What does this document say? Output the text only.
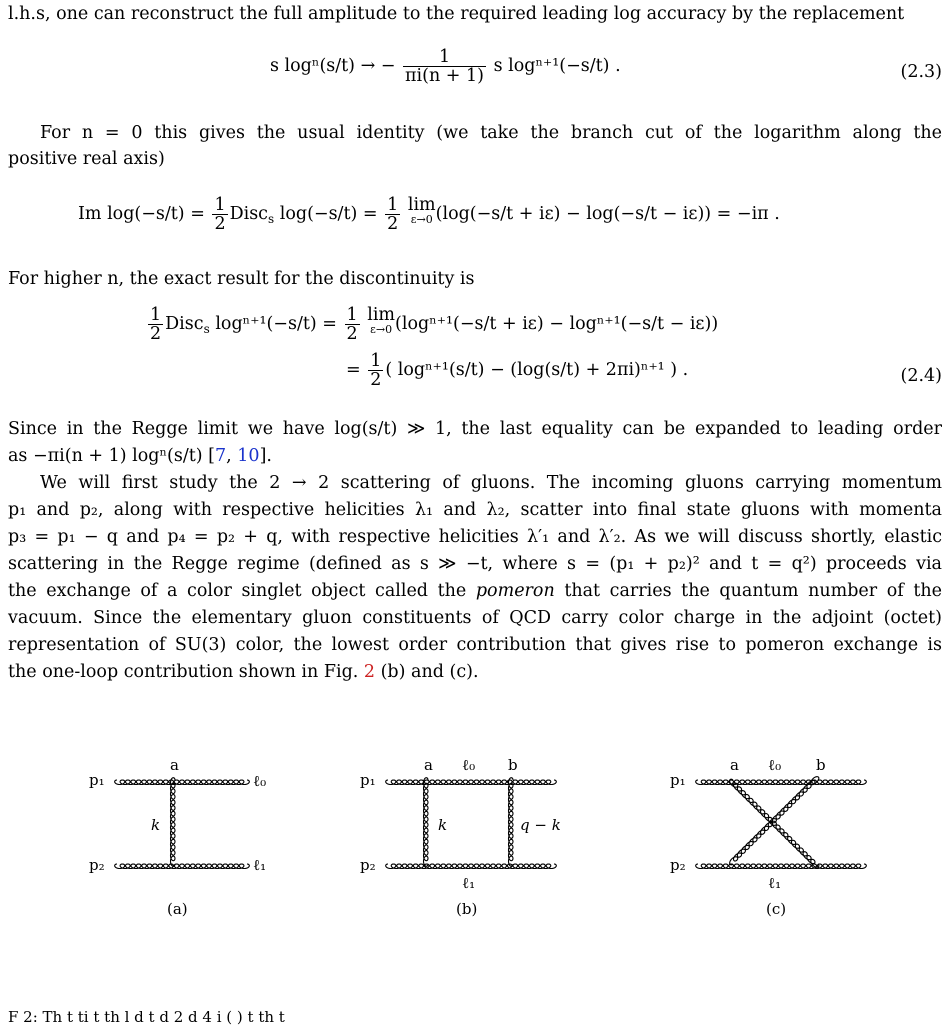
l.h.s, one can reconstruct the full amplitude to the required leading log accuracy by the replacement
s logⁿ(s/t) → − $\frac{1}{\pi i(n + 1)}$ s logⁿ⁺¹(−s/t) .	(2.3)
For n = 0 this gives the usual identity (we take the branch cut of the logarithm along the
positive real axis)
Im $\log(-s/t) = \frac{1}{2}$ Disc$_s$ $\log(-s/t) = \frac{1}{2}$ lim
ε→0 (log(−s/t + iε) − log(−s/t − iε)) = −iπ .
For higher n, the exact result for the discontinuity is
$\frac{1}{2}$ Disc$_s$ $\log^{n+1}(-s/t) = \frac{1}{2}$ lim
ε→0 (logⁿ⁺¹(−s/t + iε) − logⁿ⁺¹(−s/t − iε))
= $\frac{1}{2}$ ( logⁿ⁺¹(s/t) − (log(s/t) + 2πi)ⁿ⁺¹ ) .	(2.4)
Since in the Regge limit we have log(s/t) ≫ 1, the last equality can be expanded to leading order
as −πi(n + 1) logⁿ(s/t) [7, 10].
We will first study the 2 → 2 scattering of gluons. The incoming gluons carrying momentum
p₁ and p₂, along with respective helicities λ₁ and λ₂, scatter into final state gluons with momenta
p₃ = p₁ − q and p₄ = p₂ + q, with respective helicities λ′₁ and λ′₂. As we will discuss shortly, elastic
scattering in the Regge regime (defined as s ≫ −t, where s = (p₁ + p₂)² and t = q²) proceeds via
the exchange of a color singlet object called the pomeron that carries the quantum number of the
vacuum. Since the elementary gluon constituents of QCD carry color charge in the adjoint (octet)
representation of SU(3) color, the lowest order contribution that gives rise to pomeron exchange is
the one-loop contribution shown in Fig. 2 (b) and (c).
p₁
p₂
ℓ₀
ℓ₁
a
k
(a)
p₁
p₂
a	b
ℓ₀
ℓ₁
k	q − k
(b)
p₁
p₂
a	b
ℓ₀
ℓ₁
(c)
F 2: Th t ti t th l d t d 2 d 4 i ( ) t th t
